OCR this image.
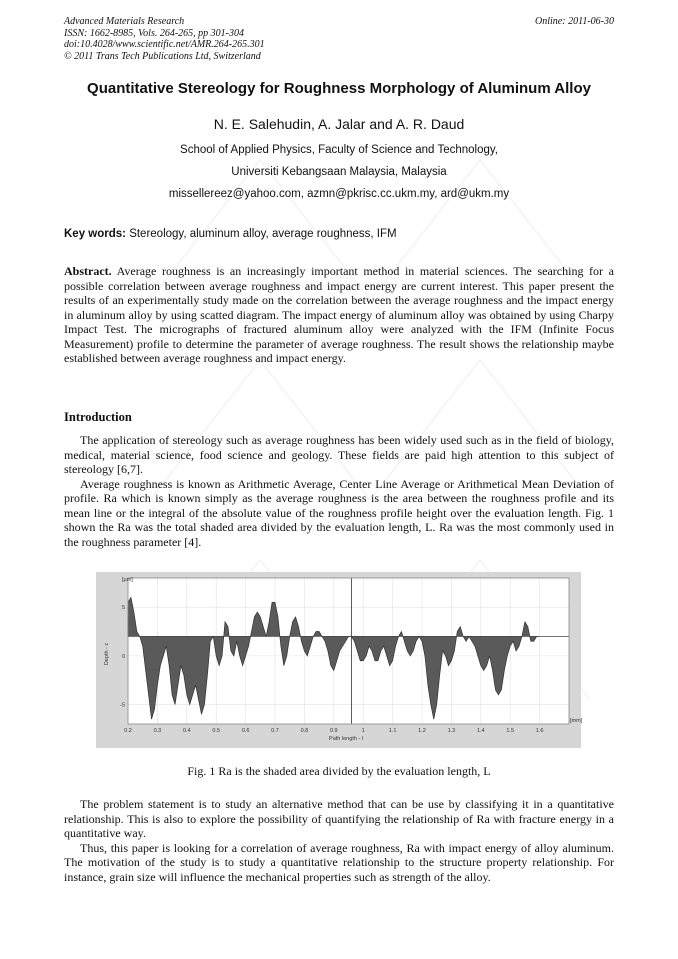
Advanced Materials Research
ISSN: 1662-8985, Vols. 264-265, pp 301-304
doi:10.4028/www.scientific.net/AMR.264-265.301
© 2011 Trans Tech Publications Ltd, Switzerland
Online: 2011-06-30
Quantitative Stereology for Roughness Morphology of Aluminum Alloy
N. E. Salehudin, A. Jalar and A. R. Daud
School of Applied Physics, Faculty of Science and Technology,
Universiti Kebangsaan Malaysia, Malaysia
missellereez@yahoo.com, azmn@pkrisc.cc.ukm.my, ard@ukm.my
Key words: Stereology, aluminum alloy, average roughness, IFM

Abstract. Average roughness is an increasingly important method in material sciences. The searching for a possible correlation between average roughness and impact energy are current interest. This paper present the results of an experimentally study made on the correlation between the average roughness and the impact energy in aluminum alloy by using scatted diagram. The impact energy of aluminum alloy was obtained by using Charpy Impact Test. The micrographs of fractured aluminum alloy were analyzed with the IFM (Infinite Focus Measurement) profile to determine the parameter of average roughness. The result shows the relationship maybe established between average roughness and impact energy.

Introduction

The application of stereology such as average roughness has been widely used such as in the field of biology, medical, material science, food science and geology. These fields are paid high attention to this subject of stereology [6,7].

Average roughness is known as Arithmetic Average, Center Line Average or Arithmetical Mean Deviation of profile. Ra which is known simply as the average roughness is the area between the roughness profile and its mean line or the integral of the absolute value of the roughness profile height over the evaluation length. Fig. 1 shown the Ra was the total shaded area divided by the evaluation length, L. Ra was the most commonly used in the roughness parameter [4].

0.2	0.3	0.4	0.5	0.6	0.7	0.8	0.9	1	1.1	1.2	1.3	1.4	1.5	1.6
5
0
-5
[µm]
[mm]
Path length - l
Depth - z
Fig. 1 Ra is the shaded area divided by the evaluation length, L

The problem statement is to study an alternative method that can be use by classifying it in a quantitative relationship. This is also to explore the possibility of quantifying the relationship of Ra with fracture energy in a quantitative way.

Thus, this paper is looking for a correlation of average roughness, Ra with impact energy of alloy aluminum. The motivation of the study is to study a quantitative relationship to the structure property relationship. For instance, grain size will influence the mechanical properties such as strength of the alloy.
